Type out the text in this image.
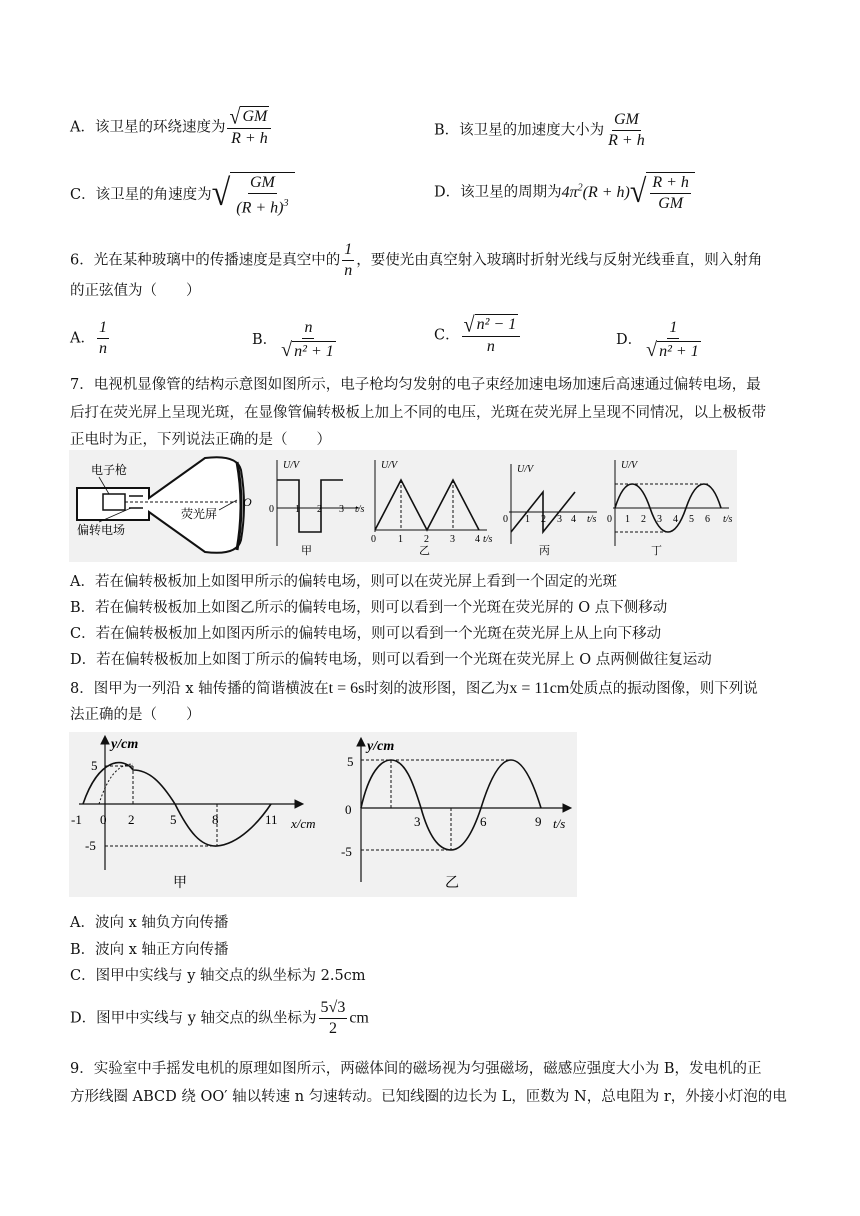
A．该卫星的环绕速度为 $\frac{√ GM}{R + h}$	B．该卫星的加速度大小为 $\frac{GM}{R + h}$
C．该卫星的角速度为 √ $\frac{GM}{(R + h)^3}$	D．该卫星的周期为$4\pi^2(R + h)$ √ $\frac{R + h}{GM}$
6．光在某种玻璃中的传播速度是真空中的 $\frac{1}{n}$ ，要使光由真空射入玻璃时折射光线与反射光线垂直，则入射角
的正弦值为（　　）
A． $\frac{1}{n}$	B． $\frac{n}{\text{√ n² + 1}}$	C． $\frac{\text{√ n² − 1}}{n}$	D． $\frac{1}{\text{√ n² + 1}}$
7．电视机显像管的结构示意图如图所示，电子枪均匀发射的电子束经加速电场加速后高速通过偏转电场，最
后打在荧光屏上呈现光斑，在显像管偏转极板上加上不同的电压，光斑在荧光屏上呈现不同情况，以上极板带
正电时为正，下列说法正确的是（　　）
电子枪
偏转电场
荧光屏
O
U/V
0 1 2 3 t/s
甲
U/V
0 1 2 3 4 t/s
乙
U/V
0 1 2 3 4 t/s
丙
U/V
0 1 2 3 4 5 6 t/s
丁
A．若在偏转极板加上如图甲所示的偏转电场，则可以在荧光屏上看到一个固定的光斑
B．若在偏转极板加上如图乙所示的偏转电场，则可以看到一个光斑在荧光屏的 O 点下侧移动
C．若在偏转极板加上如图丙所示的偏转电场，则可以看到一个光斑在荧光屏上从上向下移动
D．若在偏转极板加上如图丁所示的偏转电场，则可以看到一个光斑在荧光屏上 O 点两侧做往复运动
8．图甲为一列沿 x 轴传播的简谐横波在t = 6s时刻的波形图，图乙为x = 11cm处质点的振动图像，则下列说
法正确的是（　　）
y/cm
5
-5
-1 0 2	5	8	11 x/cm
甲
y/cm
5
0
-5
3	6	9 t/s
乙
A．波向 x 轴负方向传播
B．波向 x 轴正方向传播
C．图甲中实线与 y 轴交点的纵坐标为 2.5cm
D．图甲中实线与 y 轴交点的纵坐标为 $\frac{5√3}{2}$ cm
9．实验室中手摇发电机的原理如图所示，两磁体间的磁场视为匀强磁场，磁感应强度大小为 B，发电机的正
方形线圈 ABCD 绕 OO′ 轴以转速 n 匀速转动。已知线圈的边长为 L，匝数为 N，总电阻为 r，外接小灯泡的电
